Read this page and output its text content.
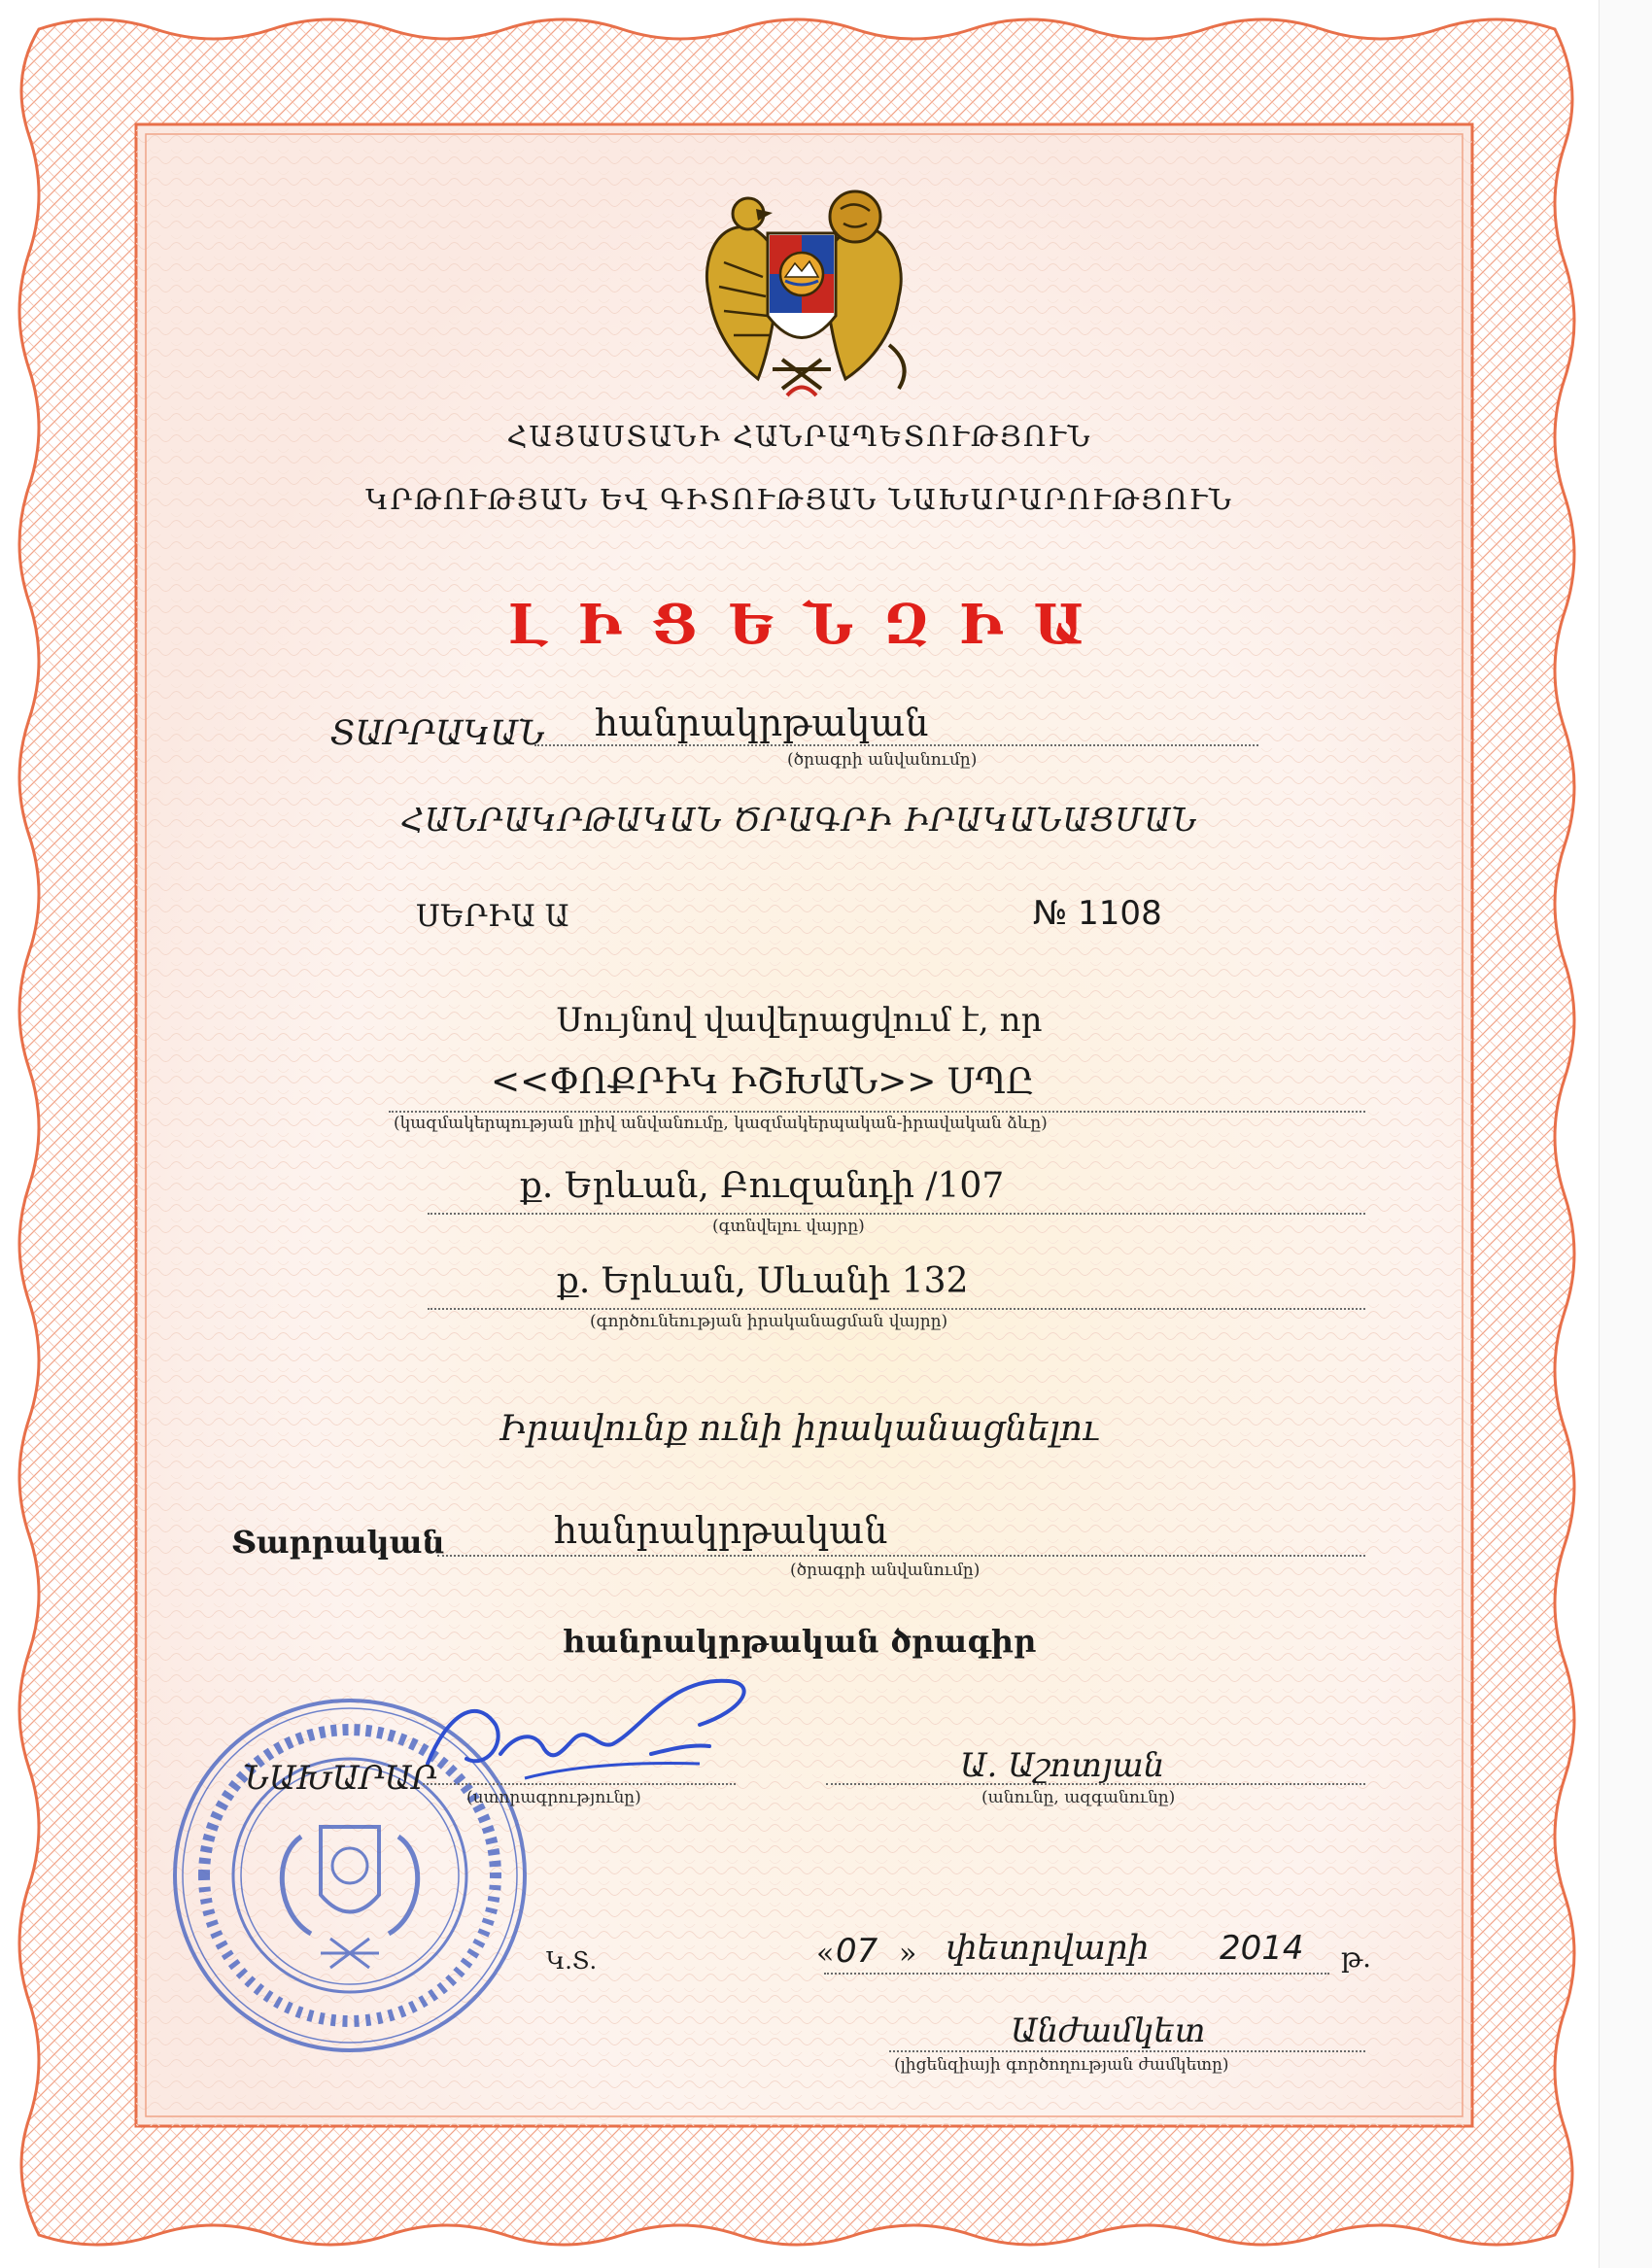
ՀԱՅԱՍՏԱՆԻ ՀԱՆՐԱՊԵՏՈՒԹՅՈՒՆ
ԿՐԹՈՒԹՅԱՆ ԵՎ ԳԻՏՈՒԹՅԱՆ ՆԱԽԱՐԱՐՈՒԹՅՈՒՆ
Լ Ի Ց Ե Ն Զ Ի Ա
ՏԱՐՐԱԿԱՆ հանրակրթական
(ծրագրի անվանումը)
ՀԱՆՐԱԿՐԹԱԿԱՆ ԾՐԱԳՐԻ ԻՐԱԿԱՆԱՑՄԱՆ
ՍԵՐԻԱ Ա	№ 1108
Սույնով վավերացվում է, որ
<<ՓՈՔՐԻԿ ԻՇԽԱՆ>> ՍՊԸ
(կազմակերպության լրիվ անվանումը, կազմակերպական-իրավական ձևը)
ք. Երևան, Բուզանդի /107
(գտնվելու վայրը)
ք. Երևան, Սևանի 132
(գործունեության իրականացման վայրը)
Իրավունք ունի իրականացնելու
Տարրական	հանրակրթական
(ծրագրի անվանումը)
հանրակրթական ծրագիր
ՆԱԽԱՐԱՐ (ստորագրությունը)
Ա. Աշոտյան
(անունը, ազգանունը)
Կ.Տ.	« 07 » փետրվարի 2014 թ.
Անժամկետ
(լիցենզիայի գործողության ժամկետը)
